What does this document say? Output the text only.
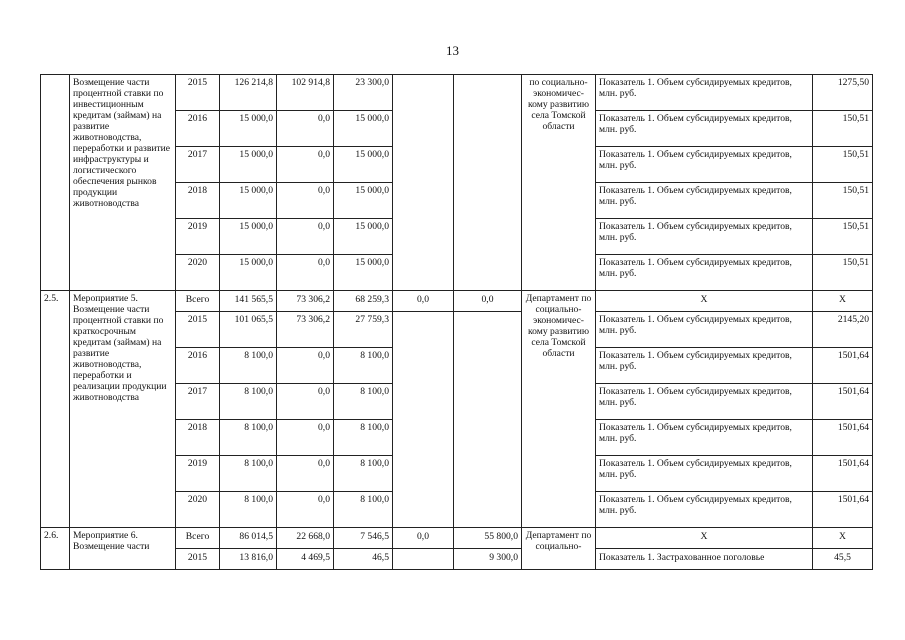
13
	Возмещение части процентной ставки по инвестиционным кредитам (займам) на развитие животноводства, переработки и развитие инфраструктуры и логистического обеспечения рынков продукции животноводства	2015	126 214,8	102 914,8	23 300,0			по социально-экономичес-кому развитию села Томской области	Показатель 1. Объем субсидируемых кредитов, млн. руб.	1275,50
		2016	15 000,0	0,0	15 000,0				Показатель 1. Объем субсидируемых кредитов, млн. руб.	150,51
		2017	15 000,0	0,0	15 000,0				Показатель 1. Объем субсидируемых кредитов, млн. руб.	150,51
		2018	15 000,0	0,0	15 000,0				Показатель 1. Объем субсидируемых кредитов, млн. руб.	150,51
		2019	15 000,0	0,0	15 000,0				Показатель 1. Объем субсидируемых кредитов, млн. руб.	150,51
		2020	15 000,0	0,0	15 000,0				Показатель 1. Объем субсидируемых кредитов, млн. руб.	150,51
2.5.	Мероприятие 5. Возмещение части процентной ставки по краткосрочным кредитам (займам) на развитие животноводства, переработки и реализации продукции животноводства	Всего	141 565,5	73 306,2	68 259,3	0,0	0,0	Департамент по социально-экономичес-кому развитию села Томской области	Х	Х
		2015	101 065,5	73 306,2	27 759,3				Показатель 1. Объем субсидируемых кредитов, млн. руб.	2145,20
		2016	8 100,0	0,0	8 100,0				Показатель 1. Объем субсидируемых кредитов, млн. руб.	1501,64
		2017	8 100,0	0,0	8 100,0				Показатель 1. Объем субсидируемых кредитов, млн. руб.	1501,64
		2018	8 100,0	0,0	8 100,0				Показатель 1. Объем субсидируемых кредитов, млн. руб.	1501,64
		2019	8 100,0	0,0	8 100,0				Показатель 1. Объем субсидируемых кредитов, млн. руб.	1501,64
		2020	8 100,0	0,0	8 100,0				Показатель 1. Объем субсидируемых кредитов, млн. руб.	1501,64
2.6.	Мероприятие 6. Возмещение части	Всего	86 014,5	22 668,0	7 546,5	0,0	55 800,0	Департамент по социально-	Х	Х
		2015	13 816,0	4 469,5	46,5		9 300,0		Показатель 1. Застрахованное поголовье	45,5
